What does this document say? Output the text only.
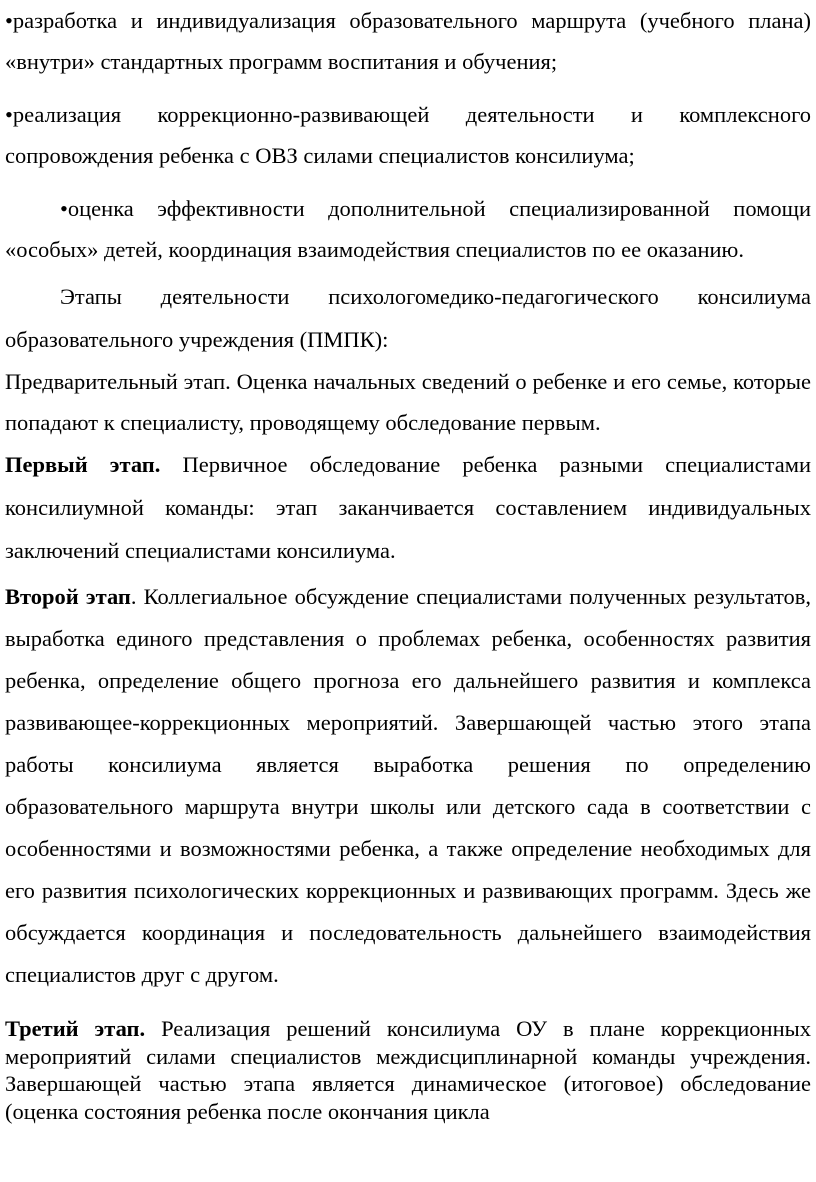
• разработка и индивидуализация образовательного маршрута (учебного плана) «внутри» стандартных программ воспитания и обучения;

• реализация коррекционно-развивающей деятельности и комплексного сопровождения ребенка с ОВЗ силами специалистов консилиума;

• оценка эффективности дополнительной специализированной помощи «особых» детей, координация взаимодействия специалистов по ее оказанию.

Этапы деятельности психологомедико-педагогического консилиума образовательного учреждения (ПМПК):

Предварительный этап. Оценка начальных сведений о ребенке и его семье, которые попадают к специалисту, проводящему обследование первым.

Первый этап. Первичное обследование ребенка разными специалистами консилиумной команды: этап заканчивается составлением индивидуальных заключений специалистами консилиума.

Второй этап. Коллегиальное обсуждение специалистами полученных результатов, выработка единого представления о проблемах ребенка, особенностях развития ребенка, определение общего прогноза его дальнейшего развития и комплекса развивающее-коррекционных мероприятий. Завершающей частью этого этапа работы консилиума является выработка решения по определению образовательного маршрута внутри школы или детского сада в соответствии с особенностями и возможностями ребенка, а также определение необходимых для его развития психологических коррекционных и развивающих программ. Здесь же обсуждается координация и последовательность дальнейшего взаимодействия специалистов друг с другом.

Третий этап. Реализация решений консилиума ОУ в плане коррекционных мероприятий силами специалистов междисциплинарной команды учреждения. Завершающей частью этапа является динамическое (итоговое) обследование (оценка состояния ребенка после окончания цикла
